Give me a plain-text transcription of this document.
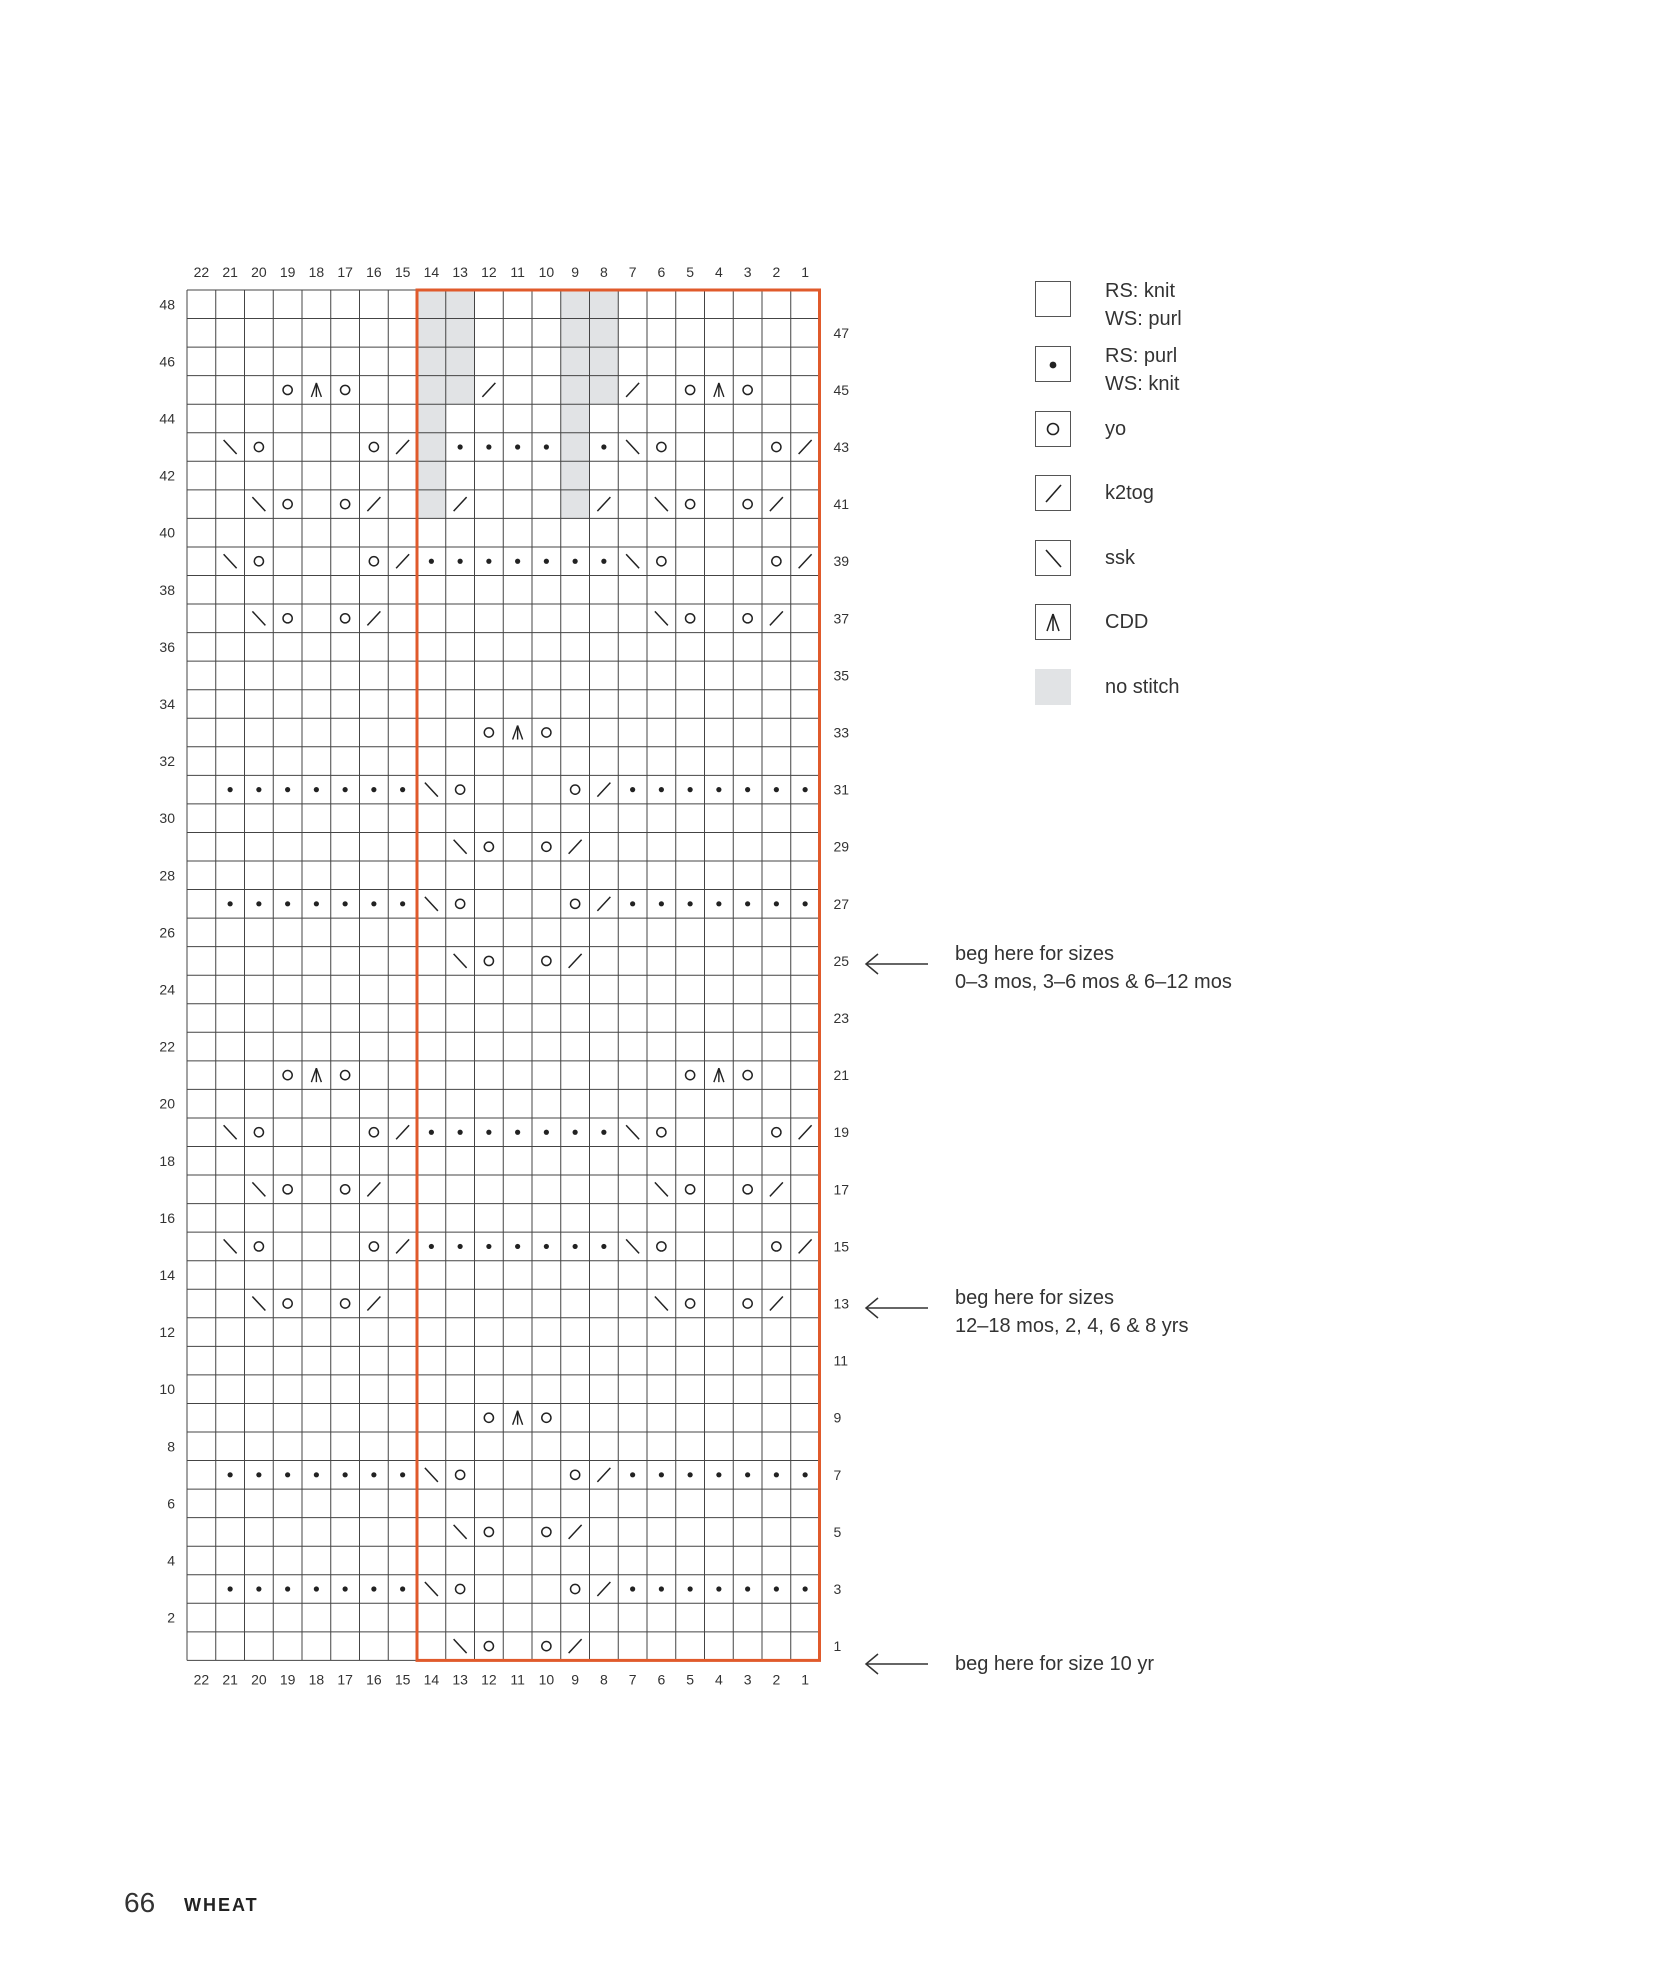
22
22
21
21
20
20
19
19
18
18
17
17
16
16
15
15
14
14
13
13
12
12
11
11
10
10
9
9
8
8
7
7
6
6
5
5
4
4
3
3
2
2
1
1
1
2
3
4
5
6
7
8
9
10
11
12
13
14
15
16
17
18
19
20
21
22
23
24
25
26
27
28
29
30
31
32
33
34
35
36
37
38
39
40
41
42
43
44
45
46
47
48
RS: knit
WS: purl
RS: purl
WS: knit
yo
k2tog
ssk
CDD
no stitch
beg here for sizes
0–3 mos, 3–6 mos & 6–12 mos
beg here for sizes
12–18 mos, 2, 4, 6 & 8 yrs
beg here for size 10 yr
66 WHEAT
